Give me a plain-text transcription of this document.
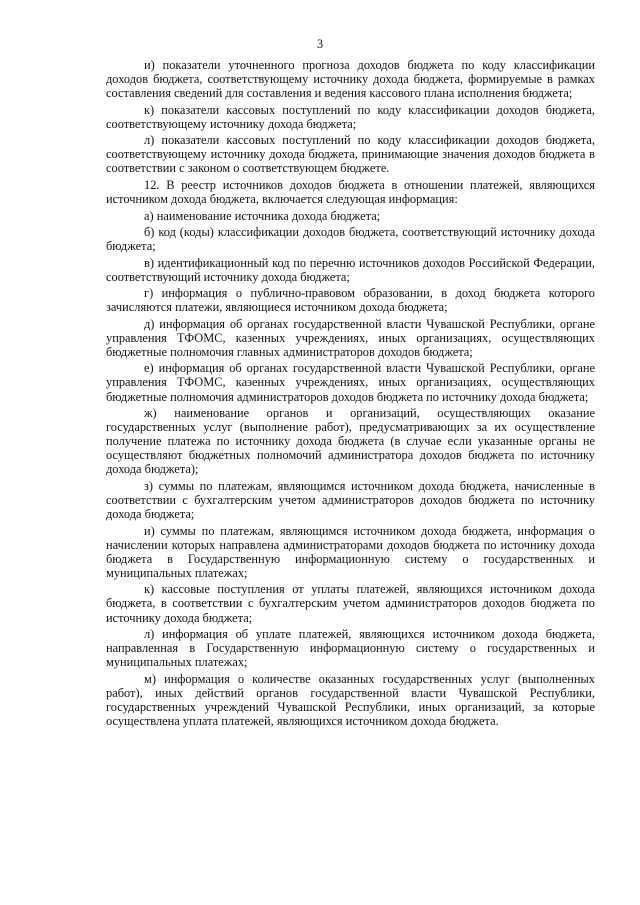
3

и) показатели уточненного прогноза доходов бюджета по коду классификации доходов бюджета, соответствующему источнику дохода бюджета, формируемые в рамках составления сведений для составления и ведения кассового плана исполнения бюджета;

к) показатели кассовых поступлений по коду классификации доходов бюджета, соответствующему источнику дохода бюджета;

л) показатели кассовых поступлений по коду классификации доходов бюджета, соответствующему источнику дохода бюджета, принимающие значения доходов бюджета в соответствии с законом о соответствующем бюджете.

12. В реестр источников доходов бюджета в отношении платежей, являющихся источником дохода бюджета, включается следующая информация:

а) наименование источника дохода бюджета;

б) код (коды) классификации доходов бюджета, соответствующий источнику дохода бюджета;

в) идентификационный код по перечню источников доходов Российской Федерации, соответствующий источнику дохода бюджета;

г) информация о публично-правовом образовании, в доход бюджета которого зачисляются платежи, являющиеся источником дохода бюджета;

д) информация об органах государственной власти Чувашской Республики, органе управления ТФОМС, казенных учреждениях, иных организациях, осуществляющих бюджетные полномочия главных администраторов доходов бюджета;

е) информация об органах государственной власти Чувашской Республики, органе управления ТФОМС, казенных учреждениях, иных организациях, осуществляющих бюджетные полномочия администраторов доходов бюджета по источнику дохода бюджета;

ж) наименование органов и организаций, осуществляющих оказание государственных услуг (выполнение работ), предусматривающих за их осуществление получение платежа по источнику дохода бюджета (в случае если указанные органы не осуществляют бюджетных полномочий администратора доходов бюджета по источнику дохода бюджета);

з) суммы по платежам, являющимся источником дохода бюджета, начисленные в соответствии с бухгалтерским учетом администраторов доходов бюджета по источнику дохода бюджета;

и) суммы по платежам, являющимся источником дохода бюджета, информация о начислении которых направлена администраторами доходов бюджета по источнику дохода бюджета в Государственную информационную систему о государственных и муниципальных платежах;

к) кассовые поступления от уплаты платежей, являющихся источником дохода бюджета, в соответствии с бухгалтерским учетом администраторов доходов бюджета по источнику дохода бюджета;

л) информация об уплате платежей, являющихся источником дохода бюджета, направленная в Государственную информационную систему о государственных и муниципальных платежах;

м) информация о количестве оказанных государственных услуг (выполненных работ), иных действий органов государственной власти Чувашской Республики, государственных учреждений Чувашской Республики, иных организаций, за которые осуществлена уплата платежей, являющихся источником дохода бюджета.
